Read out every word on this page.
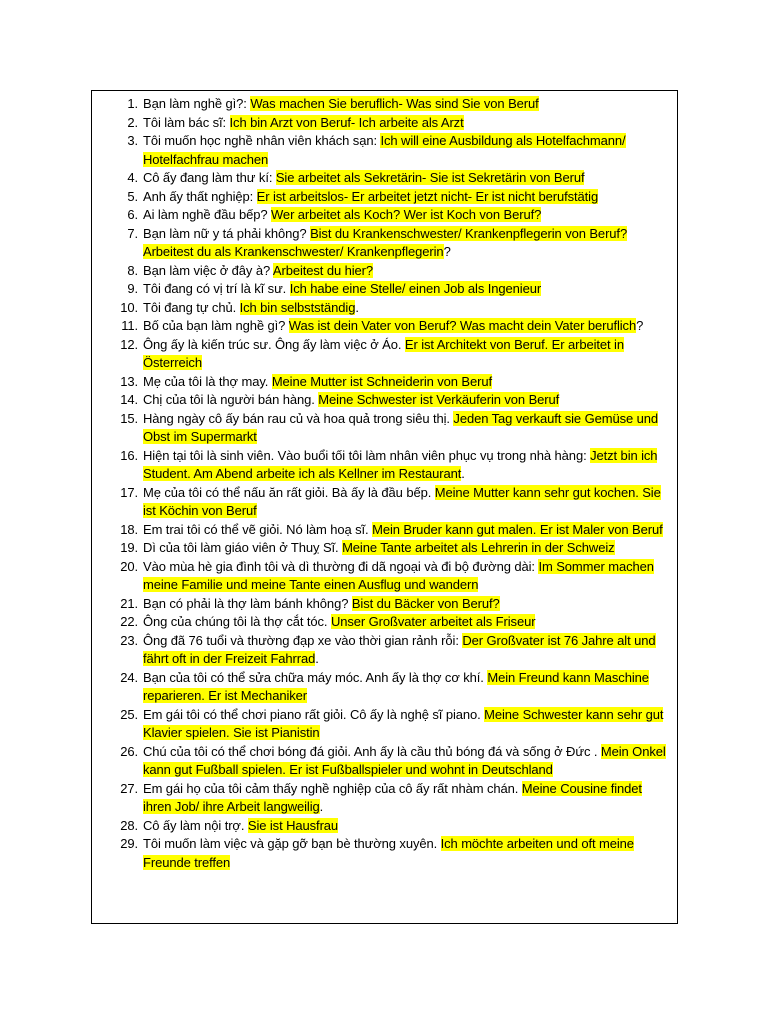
1. Bạn làm nghề gì?: Was machen Sie beruflich- Was sind Sie von Beruf
2. Tôi làm bác sĩ: Ich bin Arzt von Beruf- Ich arbeite als Arzt
3. Tôi muốn học nghề nhân viên khách sạn: Ich will eine Ausbildung als Hotelfachmann/ Hotelfachfrau machen
4. Cô ấy đang làm thư kí: Sie arbeitet als Sekretärin- Sie ist Sekretärin von Beruf
5. Anh ấy thất nghiệp: Er ist arbeitslos- Er arbeitet jetzt nicht- Er ist nicht berufstätig
6. Ai làm nghề đầu bếp? Wer arbeitet als Koch? Wer ist Koch von Beruf?
7. Bạn làm nữ y tá phải không? Bist du Krankenschwester/ Krankenpflegerin von Beruf? Arbeitest du als Krankenschwester/ Krankenpflegerin?
8. Bạn làm việc ở đây à? Arbeitest du hier?
9. Tôi đang có vị trí là kĩ sư. Ich habe eine Stelle/ einen Job als Ingenieur
10. Tôi đang tự chủ. Ich bin selbstständig.
11. Bố của bạn làm nghề gì? Was ist dein Vater von Beruf? Was macht dein Vater beruflich?
12. Ông ấy là kiến trúc sư. Ông ấy làm việc ở Áo. Er ist Architekt von Beruf. Er arbeitet in Österreich
13. Mẹ của tôi là thợ may. Meine Mutter ist Schneiderin von Beruf
14. Chị của tôi là người bán hàng. Meine Schwester ist Verkäuferin von Beruf
15. Hàng ngày cô ấy bán rau củ và hoa quả trong siêu thị. Jeden Tag verkauft sie Gemüse und Obst im Supermarkt
16. Hiện tại tôi là sinh viên. Vào buổi tối tôi làm nhân viên phục vụ trong nhà hàng: Jetzt bin ich Student. Am Abend arbeite ich als Kellner im Restaurant.
17. Mẹ của tôi có thể nấu ăn rất giỏi. Bà ấy là đầu bếp. Meine Mutter kann sehr gut kochen. Sie ist Köchin von Beruf
18. Em trai tôi có thể vẽ giỏi. Nó làm hoạ sĩ. Mein Bruder kann gut malen. Er ist Maler von Beruf
19. Dì của tôi làm giáo viên ở Thuỵ Sĩ. Meine Tante arbeitet als Lehrerin in der Schweiz
20. Vào mùa hè gia đình tôi và dì thường đi dã ngoại và đi bộ đường dài: Im Sommer machen meine Familie und meine Tante einen Ausflug und wandern
21. Bạn có phải là thợ làm bánh không? Bist du Bäcker von Beruf?
22. Ông của chúng tôi là thợ cắt tóc. Unser Großvater arbeitet als Friseur
23. Ông đã 76 tuổi và thường đạp xe vào thời gian rảnh rỗi: Der Großvater ist 76 Jahre alt und fährt oft in der Freizeit Fahrrad.
24. Bạn của tôi có thể sửa chữa máy móc. Anh ấy là thợ cơ khí. Mein Freund kann Maschine reparieren. Er ist Mechaniker
25. Em gái tôi có thể chơi piano rất giỏi. Cô ấy là nghệ sĩ piano. Meine Schwester kann sehr gut Klavier spielen. Sie ist Pianistin
26. Chú của tôi có thể chơi bóng đá giỏi. Anh ấy là cầu thủ bóng đá và sống ở Đức . Mein Onkel kann gut Fußball spielen. Er ist Fußballspieler und wohnt in Deutschland
27. Em gái họ của tôi cảm thấy nghề nghiệp của cô ấy rất nhàm chán. Meine Cousine findet ihren Job/ ihre Arbeit langweilig.
28. Cô ấy làm nội trợ. Sie ist Hausfrau
29. Tôi muốn làm việc và gặp gỡ bạn bè thường xuyên. Ich möchte arbeiten und oft meine Freunde treffen
